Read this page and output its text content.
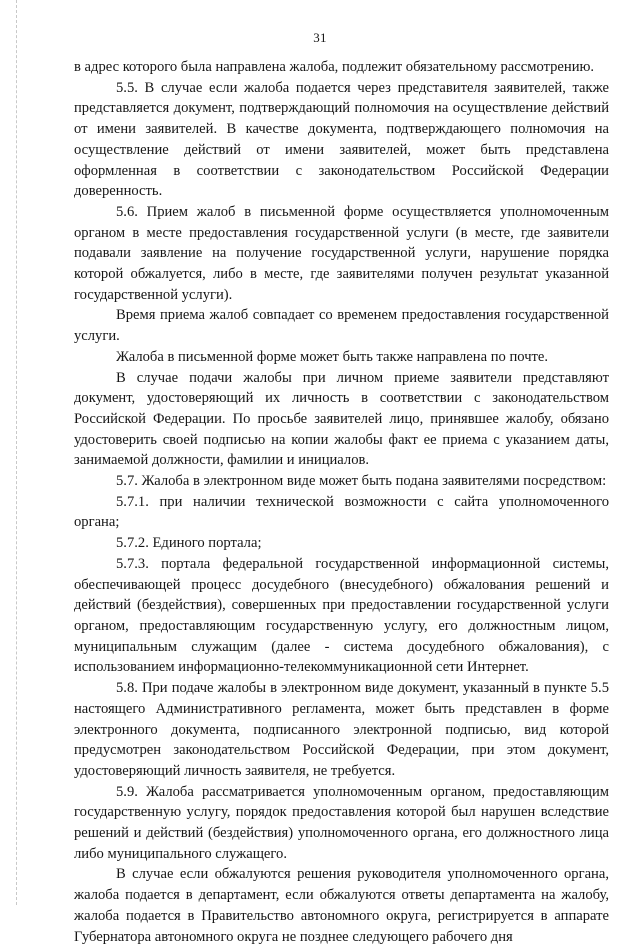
31

в адрес которого была направлена жалоба, подлежит обязательному рассмотрению.

5.5. В случае если жалоба подается через представителя заявителей, также представляется документ, подтверждающий полномочия на осуществление действий от имени заявителей. В качестве документа, подтверждающего полномочия на осуществление действий от имени заявителей, может быть представлена оформленная в соответствии с законодательством Российской Федерации доверенность.

5.6. Прием жалоб в письменной форме осуществляется уполномоченным органом в месте предоставления государственной услуги (в месте, где заявители подавали заявление на получение государственной услуги, нарушение порядка которой обжалуется, либо в месте, где заявителями получен результат указанной государственной услуги).

Время приема жалоб совпадает со временем предоставления государственной услуги.

Жалоба в письменной форме может быть также направлена по почте.

В случае подачи жалобы при личном приеме заявители представляют документ, удостоверяющий их личность в соответствии с законодательством Российской Федерации. По просьбе заявителей лицо, принявшее жалобу, обязано удостоверить своей подписью на копии жалобы факт ее приема с указанием даты, занимаемой должности, фамилии и инициалов.

5.7. Жалоба в электронном виде может быть подана заявителями посредством:

5.7.1. при наличии технической возможности с сайта уполномоченного органа;

5.7.2. Единого портала;

5.7.3. портала федеральной государственной информационной системы, обеспечивающей процесс досудебного (внесудебного) обжалования решений и действий (бездействия), совершенных при предоставлении государственной услуги органом, предоставляющим государственную услугу, его должностным лицом, муниципальным служащим (далее - система досудебного обжалования), с использованием информационно-телекоммуникационной сети Интернет.

5.8. При подаче жалобы в электронном виде документ, указанный в пункте 5.5 настоящего Административного регламента, может быть представлен в форме электронного документа, подписанного электронной подписью, вид которой предусмотрен законодательством Российской Федерации, при этом документ, удостоверяющий личность заявителя, не требуется.

5.9. Жалоба рассматривается уполномоченным органом, предоставляющим государственную услугу, порядок предоставления которой был нарушен вследствие решений и действий (бездействия) уполномоченного органа, его должностного лица либо муниципального служащего.

В случае если обжалуются решения руководителя уполномоченного органа, жалоба подается в департамент, если обжалуются ответы департамента на жалобу, жалоба подается в Правительство автономного округа, регистрируется в аппарате Губернатора автономного округа не позднее следующего рабочего дня
